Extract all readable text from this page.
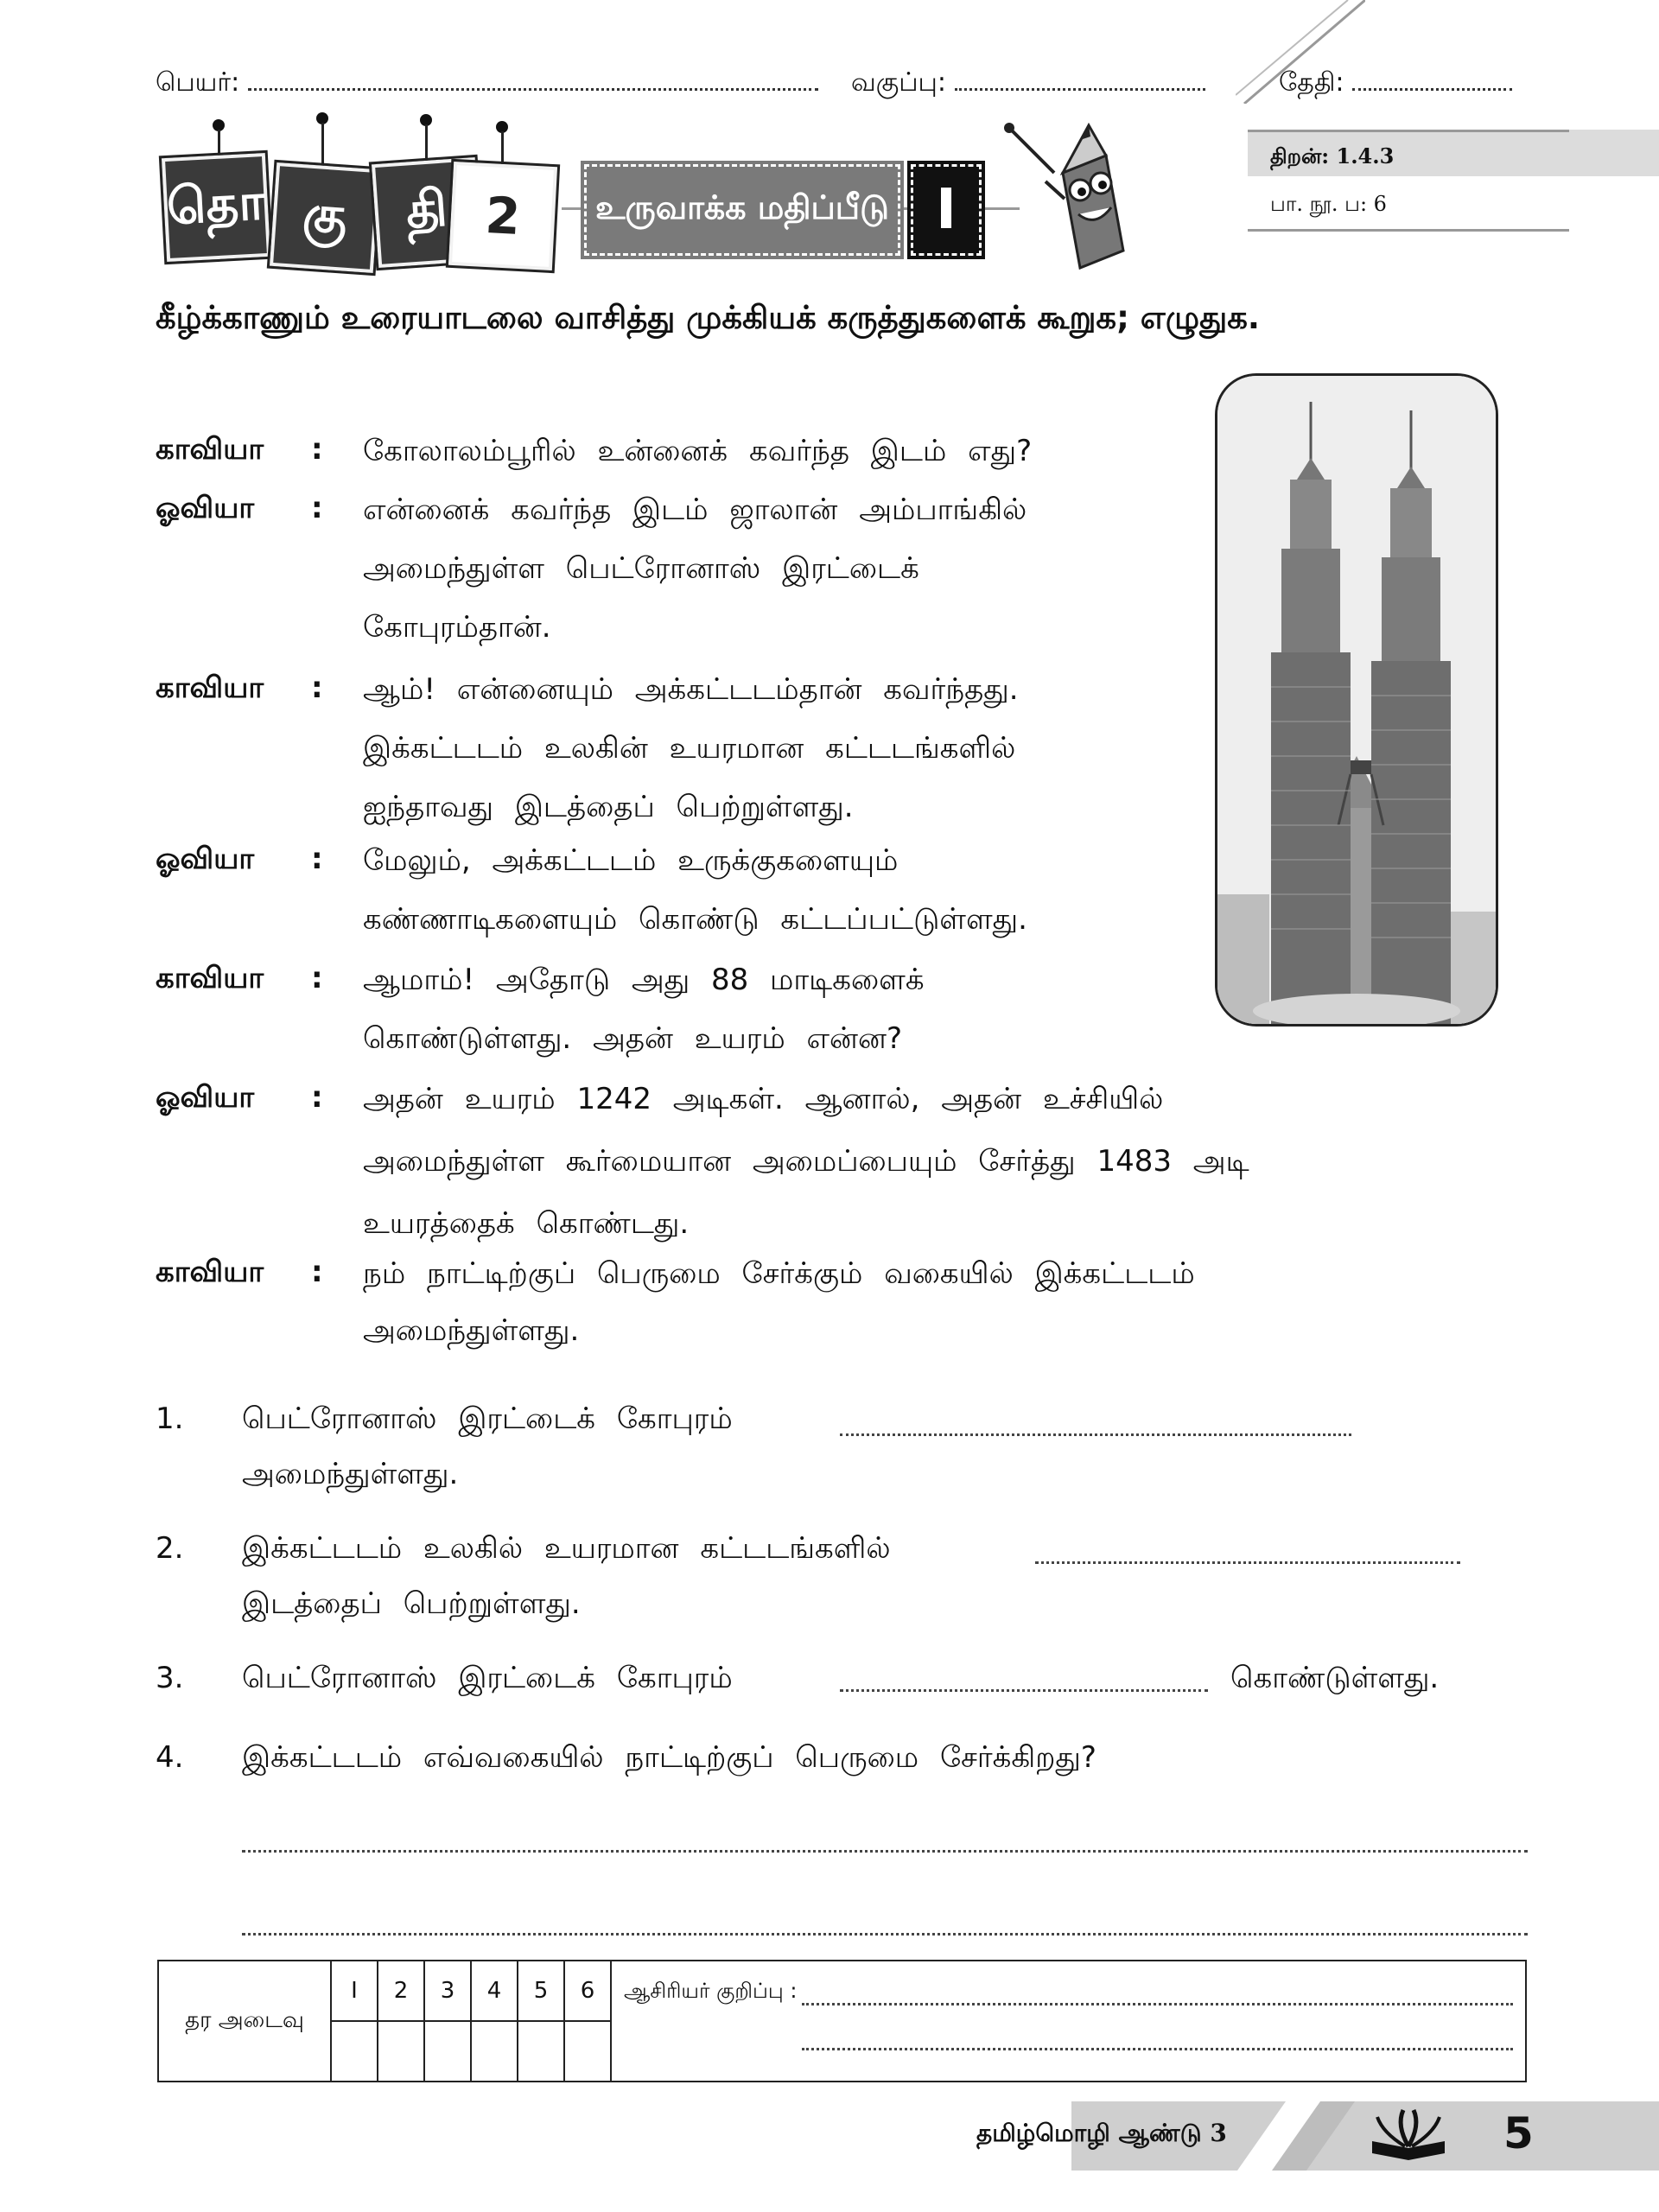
பெயர்:	வகுப்பு:	தேதி:
தொ கு	தி 2	உருவாக்க மதிப்பீடு I
திறன்: 1.4.3
பா. நூ. ப: 6
கீழ்க்காணும் உரையாடலை வாசித்து முக்கியக் கருத்துகளைக் கூறுக; எழுதுக.
காவியா : கோலாலம்பூரில் உன்னைக் கவர்ந்த இடம் எது?
ஓவியா : என்னைக் கவர்ந்த இடம் ஜாலான் அம்பாங்கில்
அமைந்துள்ள பெட்ரோனாஸ் இரட்டைக்
கோபுரம்தான்.
காவியா : ஆம்! என்னையும் அக்கட்டடம்தான் கவர்ந்தது.
இக்கட்டடம் உலகின் உயரமான கட்டடங்களில்
ஐந்தாவது இடத்தைப் பெற்றுள்ளது.
ஓவியா : மேலும், அக்கட்டடம் உருக்குகளையும்
கண்ணாடிகளையும் கொண்டு கட்டப்பட்டுள்ளது.
காவியா : ஆமாம்! அதோடு அது 88 மாடிகளைக்
கொண்டுள்ளது. அதன் உயரம் என்ன?
ஓவியா : அதன் உயரம் 1242 அடிகள். ஆனால், அதன் உச்சியில்
அமைந்துள்ள கூர்மையான அமைப்பையும் சேர்த்து 1483 அடி
உயரத்தைக் கொண்டது.
காவியா : நம் நாட்டிற்குப் பெருமை சேர்க்கும் வகையில் இக்கட்டடம்
அமைந்துள்ளது.
1. பெட்ரோனாஸ் இரட்டைக் கோபுரம்
அமைந்துள்ளது.
2. இக்கட்டடம் உலகில் உயரமான கட்டடங்களில்
இடத்தைப் பெற்றுள்ளது.
3. பெட்ரோனாஸ் இரட்டைக் கோபுரம்	கொண்டுள்ளது.
4. இக்கட்டடம் எவ்வகையில் நாட்டிற்குப் பெருமை சேர்க்கிறது?
தர அடைவு	I	2	3	4	5	6	ஆசிரியர் குறிப்பு :

தமிழ்மொழி ஆண்டு 3	5
